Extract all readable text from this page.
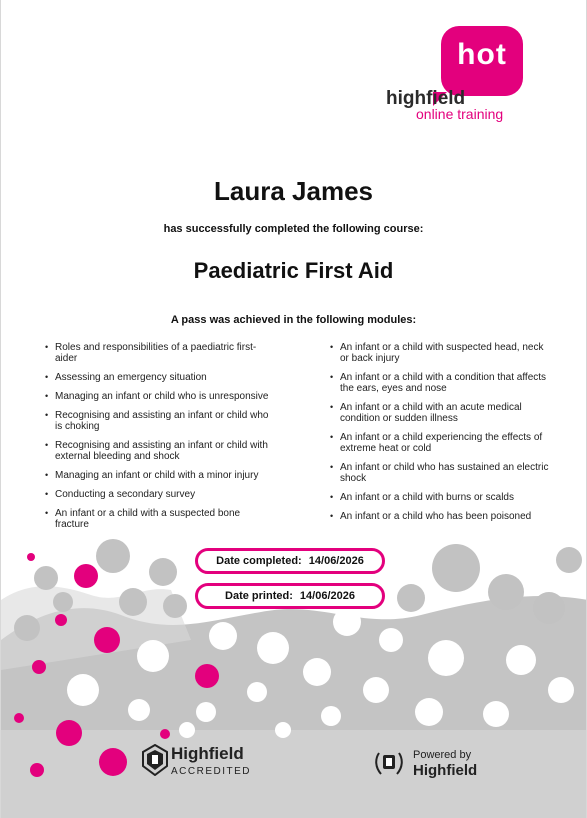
hot
highfield
online training
Laura James
has successfully completed the following course:
Paediatric First Aid
A pass was achieved in the following modules:
• Roles and responsibilities of a paediatric first-aider
• Assessing an emergency situation
• Managing an infant or child who is unresponsive
• Recognising and assisting an infant or child who is choking
• Recognising and assisting an infant or child with external bleeding and shock
• Managing an infant or child with a minor injury
• Conducting a secondary survey
• An infant or a child with a suspected bone fracture
• An infant or a child with suspected head, neck or back injury
• An infant or a child with a condition that affects the ears, eyes and nose
• An infant or a child with an acute medical condition or sudden illness
• An infant or a child experiencing the effects of extreme heat or cold
• An infant or child who has sustained an electric shock
• An infant or a child with burns or scalds
• An infant or a child who has been poisoned
Date completed: 14/06/2026
Date printed: 14/06/2026
Highfield
ACCREDITED
Powered by
Highfield
